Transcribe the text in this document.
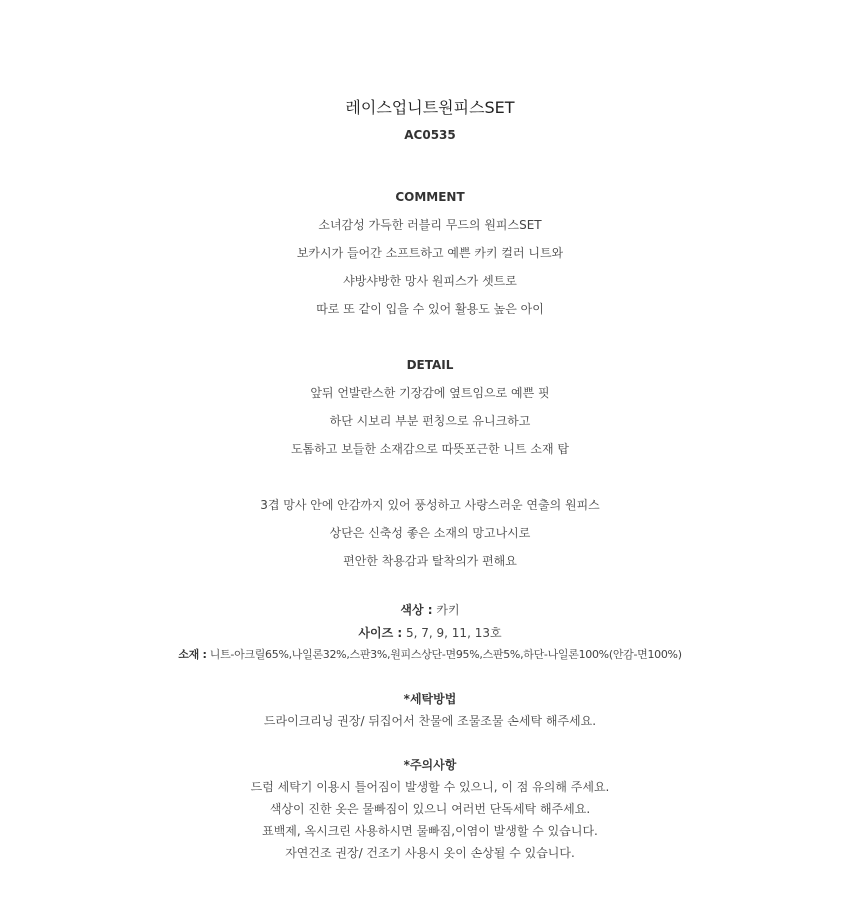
레이스업니트원피스SET
AC0535
COMMENT
소녀감성 가득한 러블리 무드의 원피스SET
보카시가 들어간 소프트하고 예쁜 카키 컬러 니트와
샤방샤방한 망사 원피스가 셋트로
따로 또 같이 입을 수 있어 활용도 높은 아이
DETAIL
앞뒤 언발란스한 기장감에 옆트임으로 예쁜 핏
하단 시보리 부분 펀칭으로 유니크하고
도톰하고 보들한 소재감으로 따뜻포근한 니트 소재 탑
3겹 망사 안에 안감까지 있어 풍성하고 사랑스러운 연출의 원피스
상단은 신축성 좋은 소재의 망고나시로
편안한 착용감과 탈착의가 편해요
색상 : 카키
사이즈 : 5, 7, 9, 11, 13호
소재 : 니트-아크릴65%,나일론32%,스판3%,원피스상단-면95%,스판5%,하단-나일론100%(안감-면100%)
*세탁방법
드라이크리닝 권장/ 뒤집어서 찬물에 조물조물 손세탁 해주세요.
*주의사항
드럼 세탁기 이용시 틀어짐이 발생할 수 있으니, 이 점 유의해 주세요.
색상이 진한 옷은 물빠짐이 있으니 여러번 단독세탁 해주세요.
표백제, 옥시크린 사용하시면 물빠짐,이염이 발생할 수 있습니다.
자연건조 권장/ 건조기 사용시 옷이 손상될 수 있습니다.
